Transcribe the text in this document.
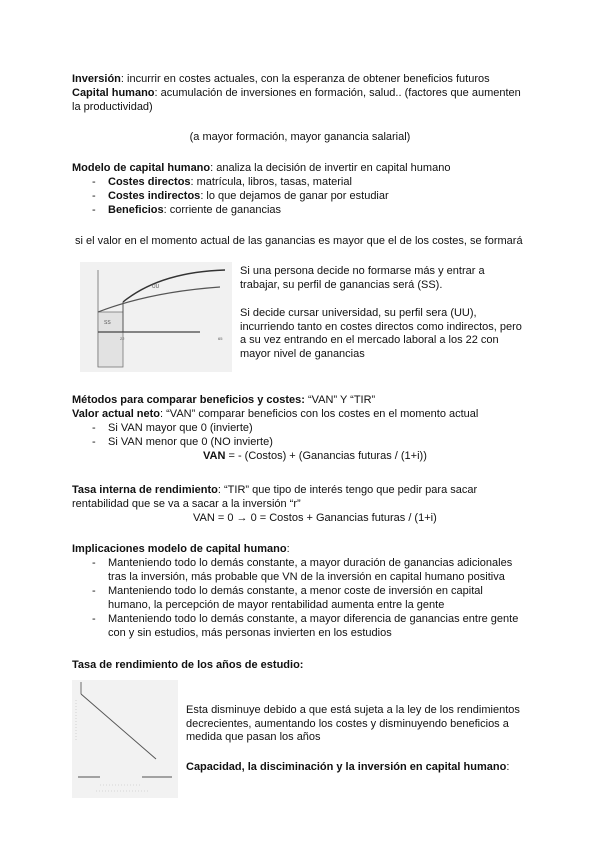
Inversión: incurrir en costes actuales, con la esperanza de obtener beneficios futuros
Capital humano: acumulación de inversiones en formación, salud.. (factores que aumenten
la productividad)
(a mayor formación, mayor ganancia salarial)
Modelo de capital humano: analiza la decisión de invertir en capital humano
- Costes directos: matrícula, libros, tasas, material
- Costes indirectos: lo que dejamos de ganar por estudiar
- Beneficios: corriente de ganancias
si el valor en el momento actual de las ganancias es mayor que el de los costes, se formará
UU
SS
22	65
Si una persona decide no formarse más y entrar a
trabajar, su perfil de ganancias será (SS).
Si decide cursar universidad, su perfil sera (UU),
incurriendo tanto en costes directos como indirectos, pero
a su vez entrando en el mercado laboral a los 22 con
mayor nivel de ganancias
Métodos para comparar beneficios y costes: “VAN” Y “TIR”
Valor actual neto: “VAN” comparar beneficios con los costes en el momento actual
- Si VAN mayor que 0 (invierte)
- Si VAN menor que 0 (NO invierte)
VAN = - (Costos) + (Ganancias futuras / (1+i))
Tasa interna de rendimiento: “TIR” que tipo de interés tengo que pedir para sacar
rentabilidad que se va a sacar a la inversión “r”
VAN = 0 → 0 = Costos + Ganancias futuras / (1+i)
Implicaciones modelo de capital humano:
- Manteniendo todo lo demás constante, a mayor duración de ganancias adicionales
tras la inversión, más probable que VN de la inversión en capital humano positiva
- Manteniendo todo lo demás constante, a menor coste de inversión en capital
humano, la percepción de mayor rentabilidad aumenta entre la gente
- Manteniendo todo lo demás constante, a mayor diferencia de ganancias entre gente
con y sin estudios, más personas invierten en los estudios
Tasa de rendimiento de los años de estudio:
Esta disminuye debido a que está sujeta a la ley de los rendimientos
decrecientes, aumentando los costes y disminuyendo beneficios a
medida que pasan los años
Capacidad, la disciminación y la inversión en capital humano:
